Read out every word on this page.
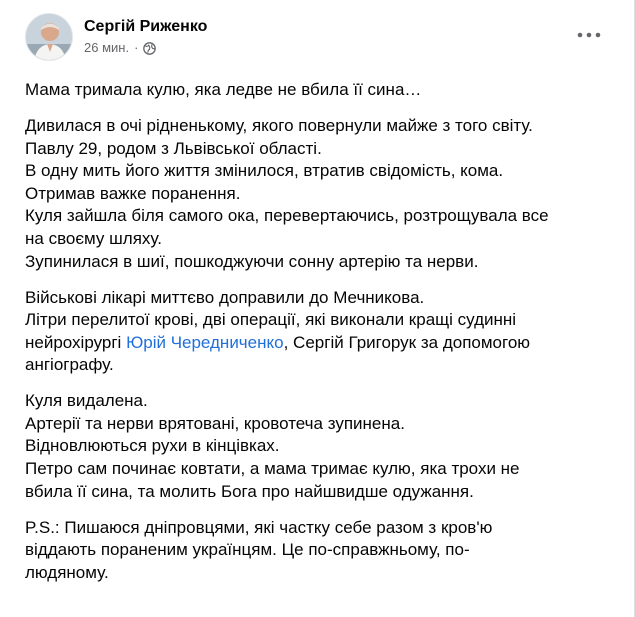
Сергій Риженко
26 мин. ·
Мама тримала кулю, яка ледве не вбила її сина…
Дивилася в очі рідненькому, якого повернули майже з того світу.
Павлу 29, родом з Львівської області.
В одну мить його життя змінилося, втратив свідомість, кома.
Отримав важке поранення.
Куля зайшла біля самого ока, перевертаючись, розтрощувала все
на своєму шляху.
Зупинилася в шиї, пошкоджуючи сонну артерію та нерви.
Військові лікарі миттєво доправили до Мечникова.
Літри перелитої крові, дві операції, які виконали кращі судинні
нейрохірургі Юрій Чередниченко, Сергій Григорук за допомогою
ангіографу.
Куля видалена.
Артерії та нерви врятовані, кровотеча зупинена.
Відновлюються рухи в кінцівках.
Петро сам починає ковтати, а мама тримає кулю, яка трохи не
вбила її сина, та молить Бога про найшвидше одужання.
P.S.: Пишаюся дніпровцями, які частку себе разом з кров'ю
віддають пораненим українцям. Це по-справжньому, по-
людяному.
